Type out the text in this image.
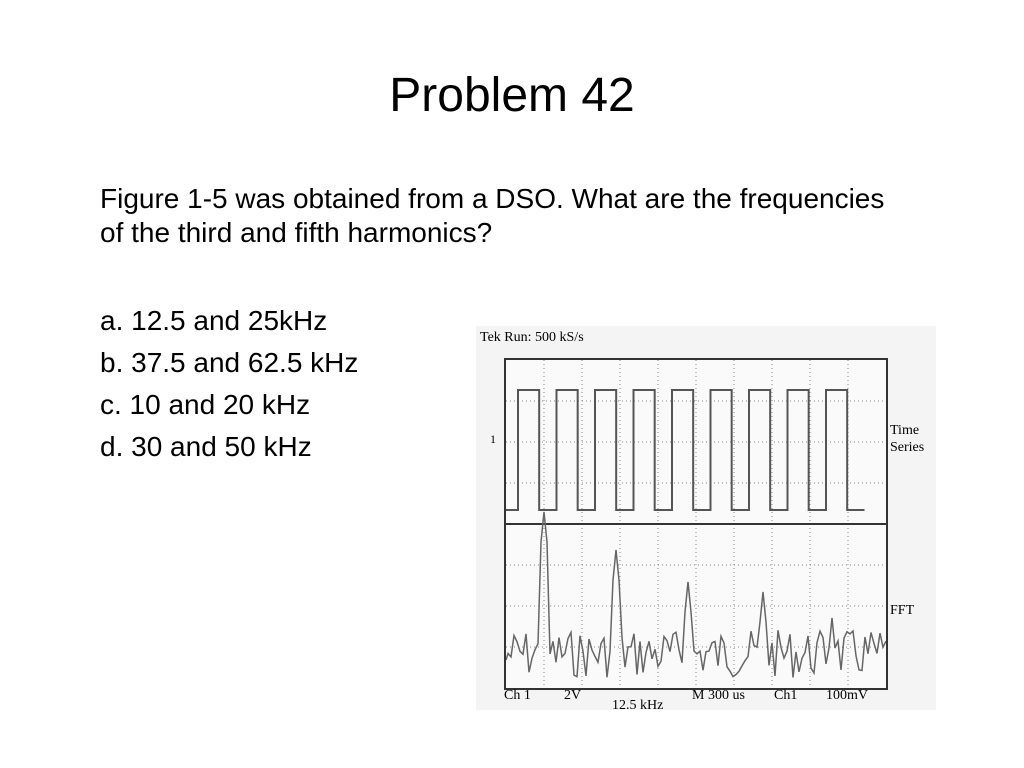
Problem 42
Figure 1-5 was obtained from a DSO. What are the frequencies of the third and fifth harmonics?
a. 12.5 and 25kHz
b. 37.5 and 62.5 kHz
c. 10 and 20 kHz
d. 30 and 50 kHz
Tek Run: 500 kS/s
1
Time
Series
FFT
Ch 1 2V
12.5 kHz
M 300 us Ch1 100mV
